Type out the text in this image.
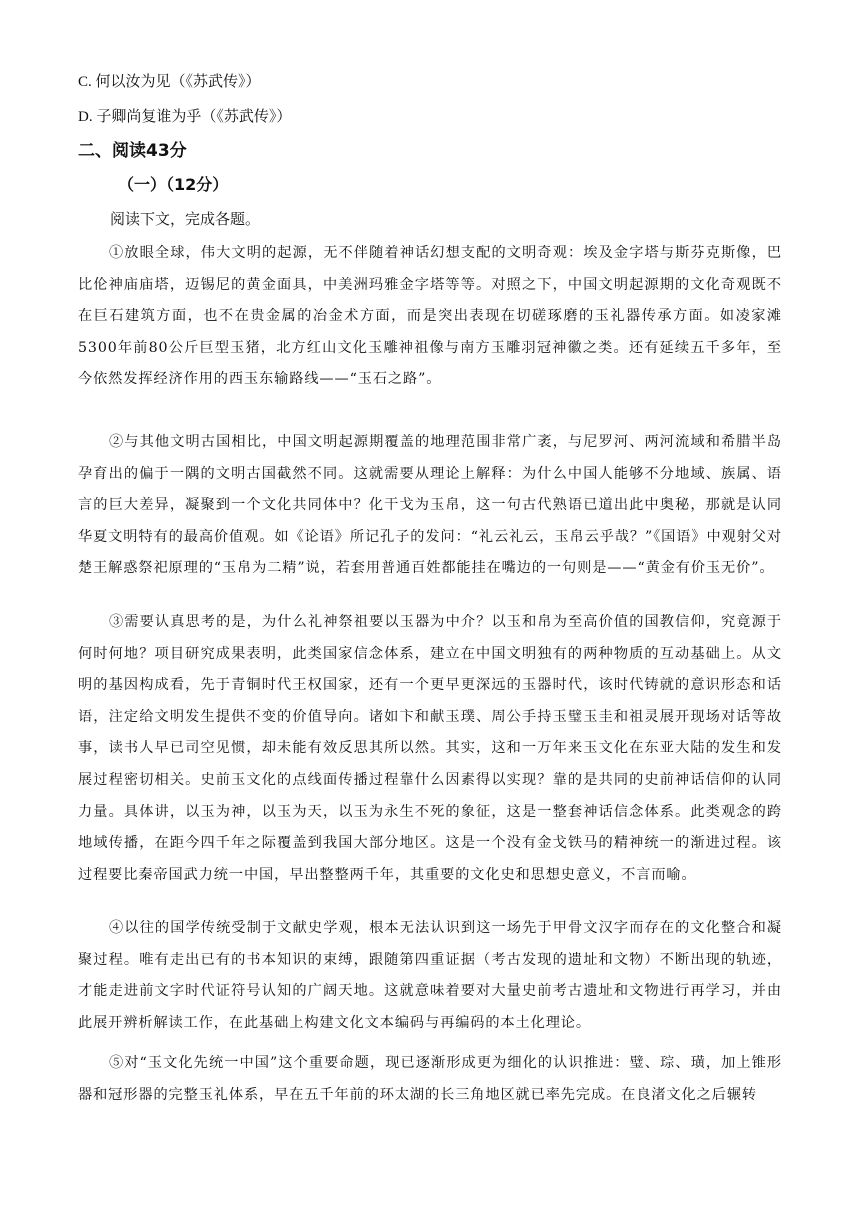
C. 何以汝为见（《苏武传》）
D. 子卿尚复谁为乎（《苏武传》）
二、阅读43分
（一）（12分）
阅读下文，完成各题。

①放眼全球，伟大文明的起源，无不伴随着神话幻想支配的文明奇观：埃及金字塔与斯芬克斯像，巴比伦神庙庙塔，迈锡尼的黄金面具，中美洲玛雅金字塔等等。对照之下，中国文明起源期的文化奇观既不在巨石建筑方面，也不在贵金属的冶金术方面，而是突出表现在切磋琢磨的玉礼器传承方面。如凌家滩5300年前80公斤巨型玉猪，北方红山文化玉雕神祖像与南方玉雕羽冠神徽之类。还有延续五千多年，至今依然发挥经济作用的西玉东输路线——“玉石之路”。

②与其他文明古国相比，中国文明起源期覆盖的地理范围非常广袤，与尼罗河、两河流域和希腊半岛孕育出的偏于一隅的文明古国截然不同。这就需要从理论上解释：为什么中国人能够不分地域、族属、语言的巨大差异，凝聚到一个文化共同体中？化干戈为玉帛，这一句古代熟语已道出此中奥秘，那就是认同华夏文明特有的最高价值观。如《论语》所记孔子的发问：“礼云礼云，玉帛云乎哉？”《国语》中观射父对楚王解惑祭祀原理的“玉帛为二精”说，若套用普通百姓都能挂在嘴边的一句则是——“黄金有价玉无价”。

③需要认真思考的是，为什么礼神祭祖要以玉器为中介？以玉和帛为至高价值的国教信仰，究竟源于何时何地？项目研究成果表明，此类国家信念体系，建立在中国文明独有的两种物质的互动基础上。从文明的基因构成看，先于青铜时代王权国家，还有一个更早更深远的玉器时代，该时代铸就的意识形态和话语，注定给文明发生提供不变的价值导向。诸如卞和献玉璞、周公手持玉璧玉圭和祖灵展开现场对话等故事，读书人早已司空见惯，却未能有效反思其所以然。其实，这和一万年来玉文化在东亚大陆的发生和发展过程密切相关。史前玉文化的点线面传播过程靠什么因素得以实现？靠的是共同的史前神话信仰的认同力量。具体讲，以玉为神，以玉为天，以玉为永生不死的象征，这是一整套神话信念体系。此类观念的跨地域传播，在距今四千年之际覆盖到我国大部分地区。这是一个没有金戈铁马的精神统一的渐进过程。该过程要比秦帝国武力统一中国，早出整整两千年，其重要的文化史和思想史意义，不言而喻。

④以往的国学传统受制于文献史学观，根本无法认识到这一场先于甲骨文汉字而存在的文化整合和凝聚过程。唯有走出已有的书本知识的束缚，跟随第四重证据（考古发现的遗址和文物）不断出现的轨迹，才能走进前文字时代证符号认知的广阔天地。这就意味着要对大量史前考古遗址和文物进行再学习，并由此展开辨析解读工作，在此基础上构建文化文本编码与再编码的本土化理论。

⑤对“玉文化先统一中国”这个重要命题，现已逐渐形成更为细化的认识推进：璧、琮、璜，加上锥形器和冠形器的完整玉礼体系，早在五千年前的环太湖的长三角地区就已率先完成。在良渚文化之后辗转
